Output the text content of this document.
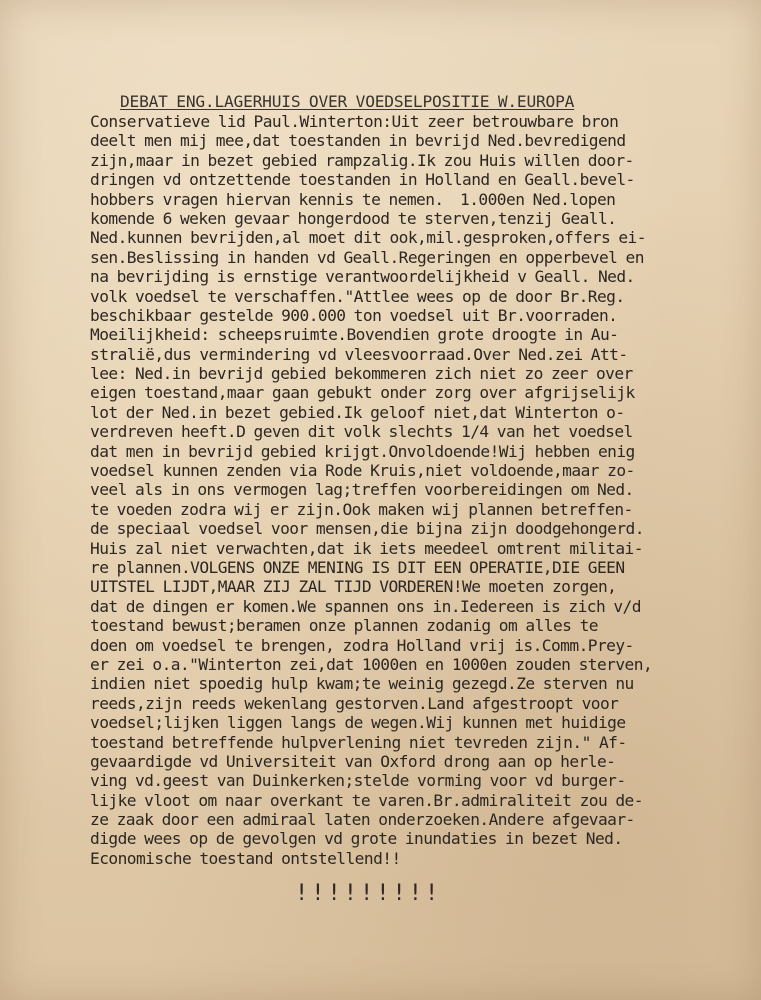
DEBAT ENG.LAGERHUIS OVER VOEDSELPOSITIE W.EUROPA
Conservatieve lid Paul.Winterton:Uit zeer betrouwbare bron
deelt men mij mee,dat toestanden in bevrijd Ned.bevredigend
zijn,maar in bezet gebied rampzalig.Ik zou Huis willen door-
dringen vd ontzettende toestanden in Holland en Geall.bevel-
hobbers vragen hiervan kennis te nemen.  1.000en Ned.lopen
komende 6 weken gevaar hongerdood te sterven,tenzij Geall.
Ned.kunnen bevrijden,al moet dit ook,mil.gesproken,offers ei-
sen.Beslissing in handen vd Geall.Regeringen en opperbevel en
na bevrijding is ernstige verantwoordelijkheid v Geall. Ned.
volk voedsel te verschaffen."Attlee wees op de door Br.Reg.
beschikbaar gestelde 900.000 ton voedsel uit Br.voorraden.
Moeilijkheid: scheepsruimte.Bovendien grote droogte in Au-
stralië,dus vermindering vd vleesvoorraad.Over Ned.zei Att-
lee: Ned.in bevrijd gebied bekommeren zich niet zo zeer over
eigen toestand,maar gaan gebukt onder zorg over afgrijselijk
lot der Ned.in bezet gebied.Ik geloof niet,dat Winterton o-
verdreven heeft.D geven dit volk slechts 1/4 van het voedsel
dat men in bevrijd gebied krijgt.Onvoldoende!Wij hebben enig
voedsel kunnen zenden via Rode Kruis,niet voldoende,maar zo-
veel als in ons vermogen lag;treffen voorbereidingen om Ned.
te voeden zodra wij er zijn.Ook maken wij plannen betreffen-
de speciaal voedsel voor mensen,die bijna zijn doodgehongerd.
Huis zal niet verwachten,dat ik iets meedeel omtrent militai-
re plannen.VOLGENS ONZE MENING IS DIT EEN OPERATIE,DIE GEEN
UITSTEL LIJDT,MAAR ZIJ ZAL TIJD VORDEREN!We moeten zorgen,
dat de dingen er komen.We spannen ons in.Iedereen is zich v/d
toestand bewust;beramen onze plannen zodanig om alles te
doen om voedsel te brengen, zodra Holland vrij is.Comm.Prey-
er zei o.a."Winterton zei,dat 1000en en 1000en zouden sterven,
indien niet spoedig hulp kwam;te weinig gezegd.Ze sterven nu
reeds,zijn reeds wekenlang gestorven.Land afgestroopt voor
voedsel;lijken liggen langs de wegen.Wij kunnen met huidige
toestand betreffende hulpverlening niet tevreden zijn." Af-
gevaardigde vd Universiteit van Oxford drong aan op herle-
ving vd.geest van Duinkerken;stelde vorming voor vd burger-
lijke vloot om naar overkant te varen.Br.admiraliteit zou de-
ze zaak door een admiraal laten onderzoeken.Andere afgevaar-
digde wees op de gevolgen vd grote inundaties in bezet Ned.
Economische toestand ontstellend!!
!!!!!!!!!
